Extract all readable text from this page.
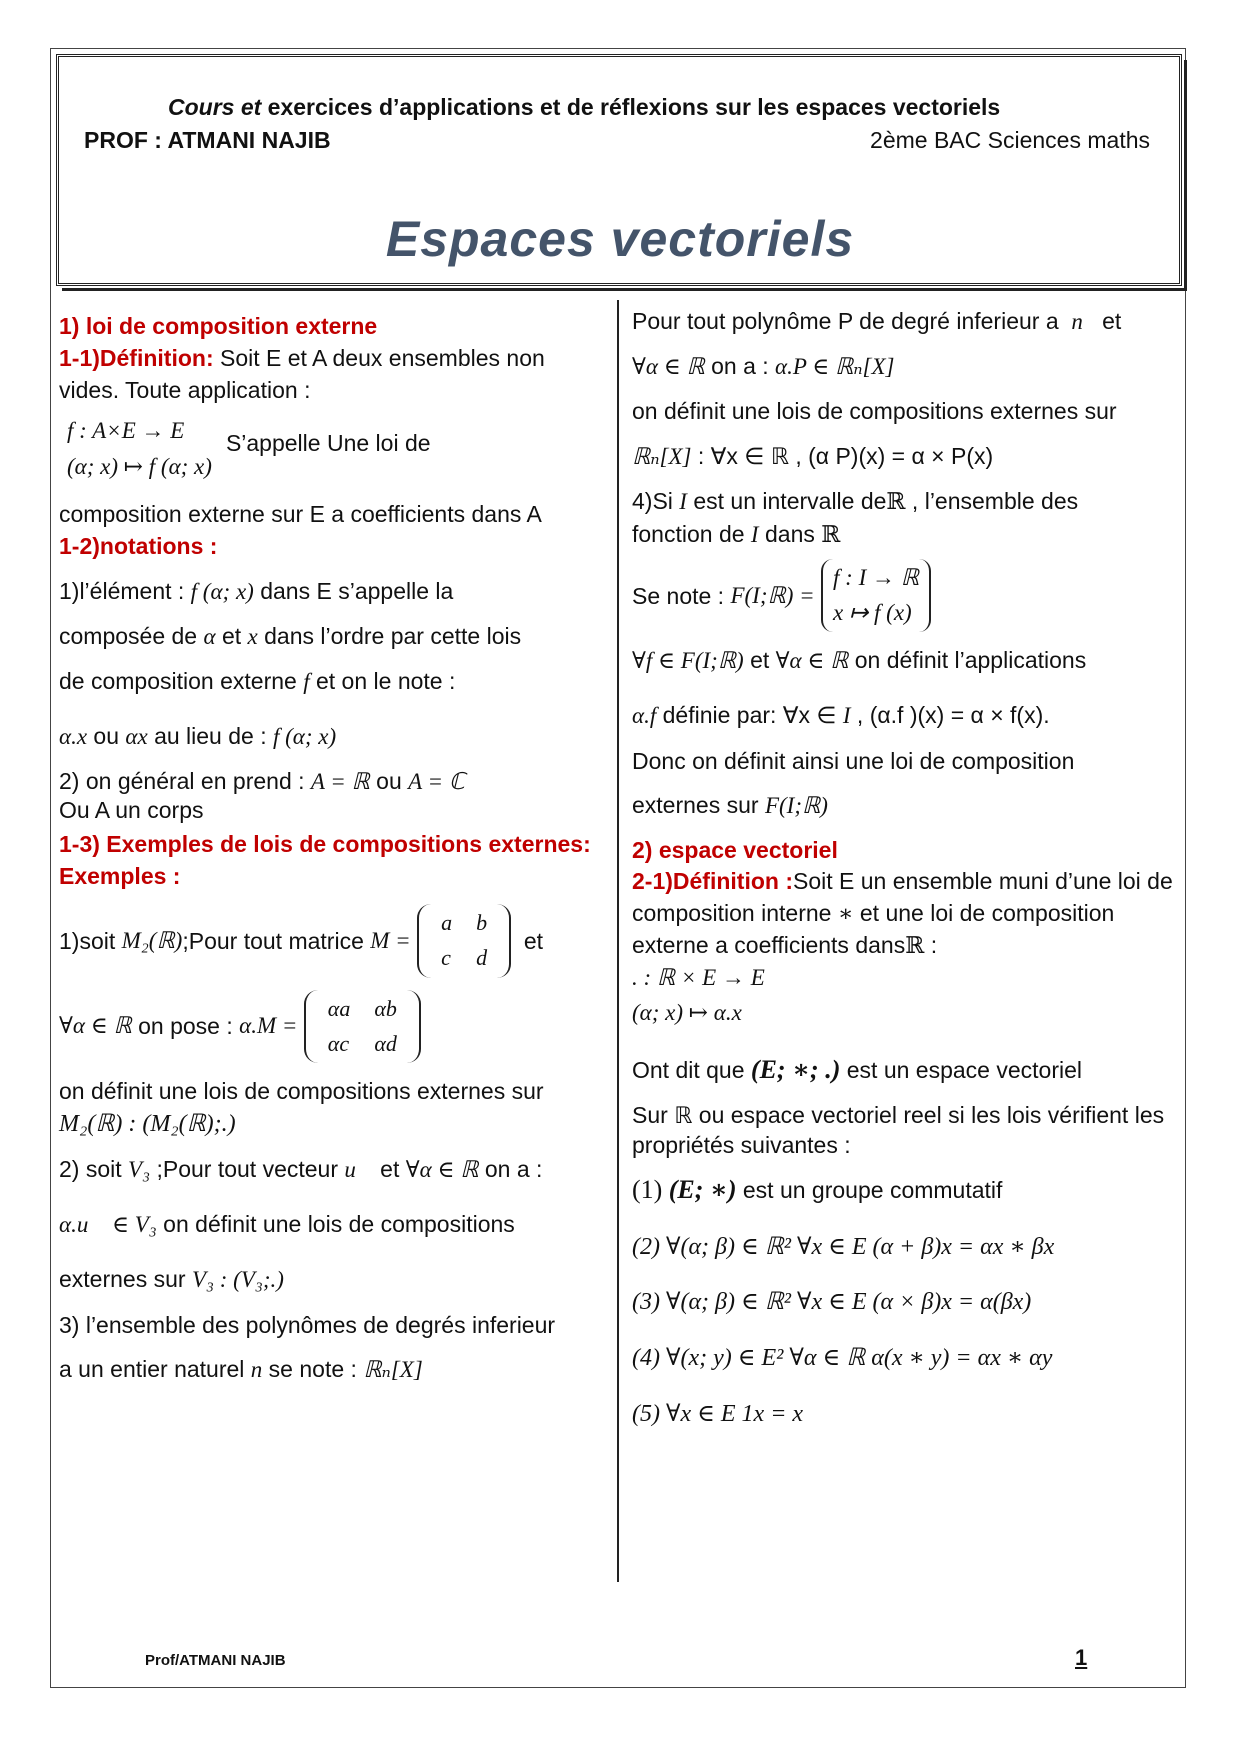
Cours et exercices d’applications et de réflexions sur les espaces vectoriels
PROF : ATMANI NAJIB	2ème BAC Sciences maths
Espaces vectoriels

1) loi de composition externe

1-1)Définition: Soit E et A deux ensembles non vides. Toute application :

f : A×E → E
(α; x) ↦ f (α; x)
S’appelle Une loi de

composition externe sur E a coefficients dans A

1-2)notations :

1)l’élément : f (α; x) dans E s’appelle la

composée de α et x dans l’ordre par cette lois

de composition externe f et on le note :

α.x ou αx au lieu de : f (α; x)

2) on général en prend : A = ℝ ou A = ℂ

Ou A un corps

1-3) Exemples de lois de compositions externes:

Exemples :

1)soit
M₂(ℝ) ;Pour tout matrice
M =

a	b
c	d

et
∀α ∈ ℝ
on pose :
α.M =

αa	αb
αc	αd

on définit une lois de compositions externes sur

M₂(ℝ) : (M₂(ℝ);.)

2) soit V₃ ;Pour tout vecteur u⃗ et ∀α ∈ ℝ on a :

α.u⃗ ∈ V₃ on définit une lois de compositions

externes sur V₃ : (V₃;.)

3) l’ensemble des polynômes de degrés inferieur

a un entier naturel n se note : ℝₙ[X]

Pour tout polynôme P de degré inferieur a n et

∀α ∈ ℝ on a : α.P ∈ ℝₙ[X]

on définit une lois de compositions externes sur

ℝₙ[X] : ∀x ∈ ℝ , (α P)(x) = α × P(x)

4)Si I est un intervalle deℝ , l’ensemble des

fonction de I dans ℝ

Se note :
F(I;ℝ) =

f : I → ℝ
x ↦ f (x)

∀f ∈ F(I;ℝ) et ∀α ∈ ℝ on définit l’applications

α.f définie par: ∀x ∈ I , (α.f )(x) = α × f(x).

Donc on définit ainsi une loi de composition

externes sur F(I;ℝ)

2) espace vectoriel

2-1)Définition :Soit E un ensemble muni d’une loi de composition interne ∗ et une loi de composition externe a coefficients dansℝ :

. : ℝ × E → E
(α; x) ↦ α.x

Ont dit que (E; ∗; .) est un espace vectoriel

Sur ℝ ou espace vectoriel reel si les lois vérifient les propriétés suivantes :

(1) (E; ∗) est un groupe commutatif

(2) ∀(α; β) ∈ ℝ² ∀x ∈ E (α + β)x = αx ∗ βx

(3) ∀(α; β) ∈ ℝ² ∀x ∈ E (α × β)x = α(βx)

(4) ∀(x; y) ∈ E² ∀α ∈ ℝ α(x ∗ y) = αx ∗ αy

(5) ∀x ∈ E 1x = x

Prof/ATMANI NAJIB	1
